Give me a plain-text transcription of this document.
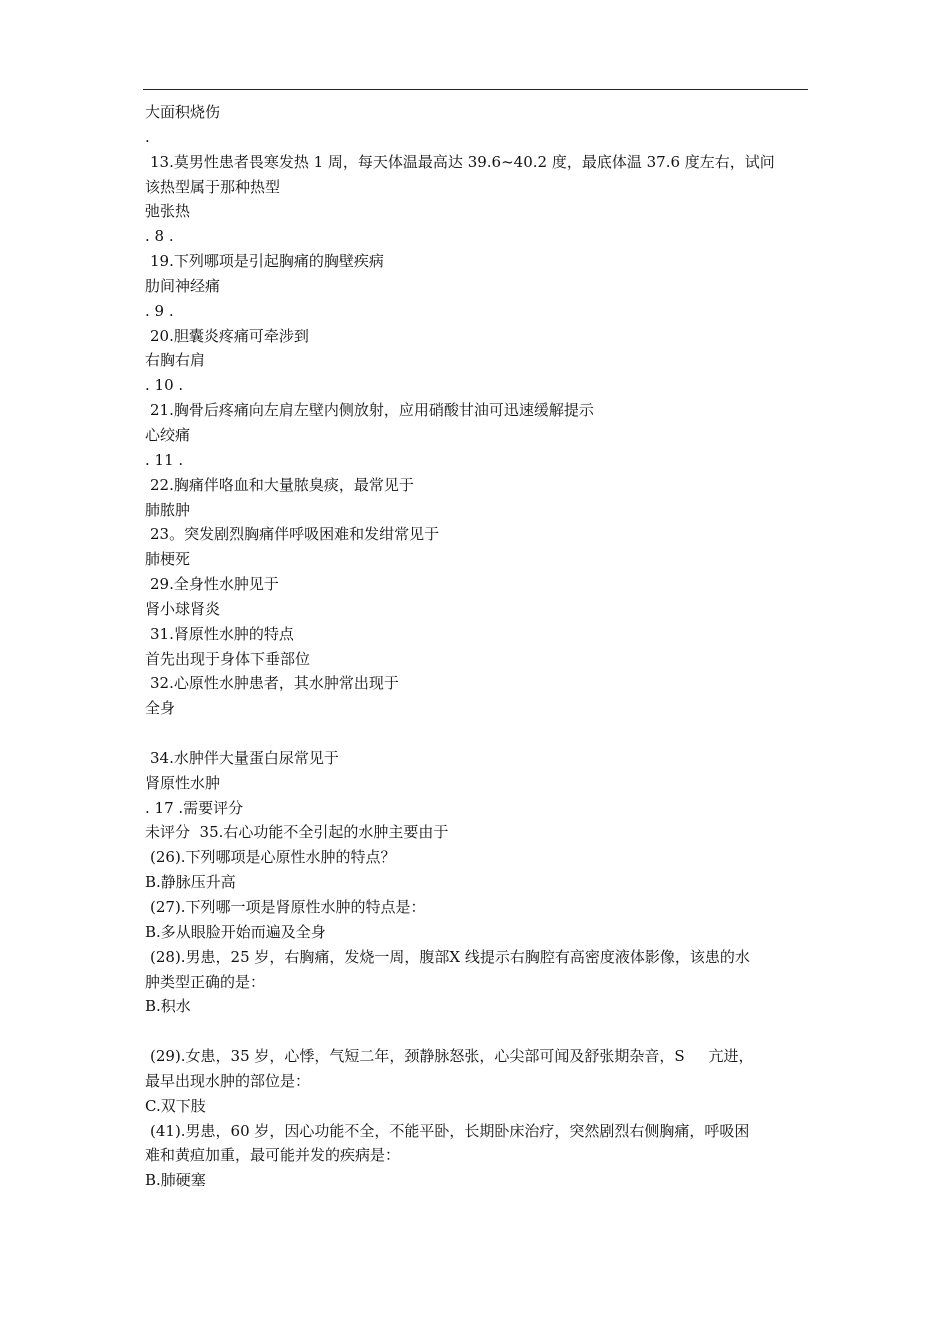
大面积烧伤
.
13.莫男性患者畏寒发热 1 周，每天体温最高达 39.6~40.2 度，最底体温 37.6 度左右，试问
该热型属于那种热型
弛张热
. 8 .
19.下列哪项是引起胸痛的胸壁疾病
肋间神经痛
. 9 .
20.胆囊炎疼痛可牵涉到
右胸右肩
. 10 .
21.胸骨后疼痛向左肩左壁内侧放射，应用硝酸甘油可迅速缓解提示
心绞痛
. 11 .
22.胸痛伴咯血和大量脓臭痰，最常见于
肺脓肿
23。突发剧烈胸痛伴呼吸困难和发绀常见于
肺梗死
29.全身性水肿见于
肾小球肾炎
31.肾原性水肿的特点
首先出现于身体下垂部位
32.心原性水肿患者，其水肿常出现于
全身
34.水肿伴大量蛋白尿常见于
肾原性水肿
. 17 .需要评分
未评分  35.右心功能不全引起的水肿主要由于
(26).下列哪项是心原性水肿的特点？
B.静脉压升高
(27).下列哪一项是肾原性水肿的特点是：
B.多从眼脸开始而遍及全身
(28).男患，25 岁，右胸痛，发烧一周，腹部X 线提示右胸腔有高密度液体影像，该患的水
肿类型正确的是：
B.积水
(29).女患，35 岁，心悸，气短二年，颈静脉怒张，心尖部可闻及舒张期杂音，S     亢进，
最早出现水肿的部位是：
C.双下肢
(41).男患，60 岁，因心功能不全，不能平卧，长期卧床治疗，突然剧烈右侧胸痛，呼吸困
难和黄疸加重，最可能并发的疾病是：
B.肺硬塞
